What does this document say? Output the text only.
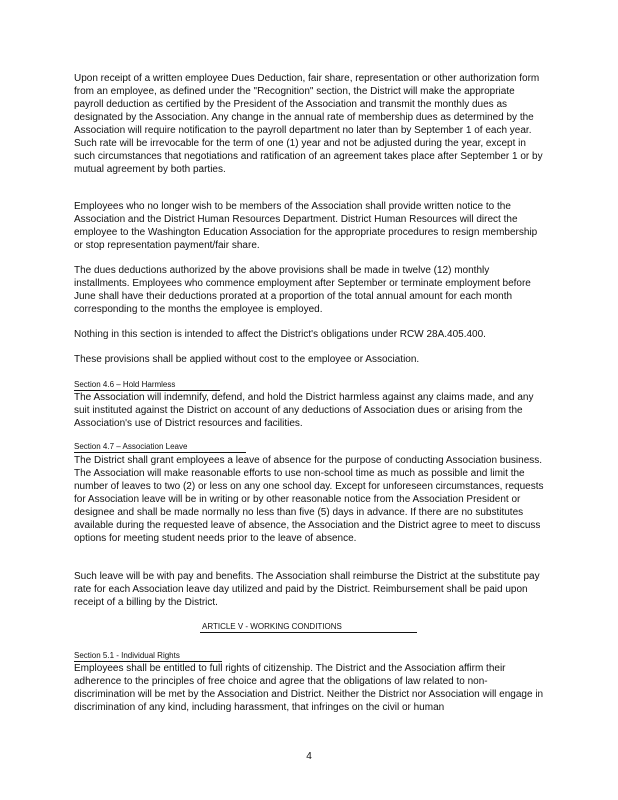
Upon receipt of a written employee Dues Deduction, fair share, representation or other authorization form from an employee, as defined under the "Recognition" section, the District will make the appropriate payroll deduction as certified by the President of the Association and transmit the monthly dues as designated by the Association. Any change in the annual rate of membership dues as determined by the Association will require notification to the payroll department no later than by September 1 of each year. Such rate will be irrevocable for the term of one (1) year and not be adjusted during the year, except in such circumstances that negotiations and ratification of an agreement takes place after September 1 or by mutual agreement by both parties.

Employees who no longer wish to be members of the Association shall provide written notice to the Association and the District Human Resources Department. District Human Resources will direct the employee to the Washington Education Association for the appropriate procedures to resign membership or stop representation payment/fair share.

The dues deductions authorized by the above provisions shall be made in twelve (12) monthly installments. Employees who commence employment after September or terminate employment before June shall have their deductions prorated at a proportion of the total annual amount for each month corresponding to the months the employee is employed.

Nothing in this section is intended to affect the District's obligations under RCW 28A.405.400.

These provisions shall be applied without cost to the employee or Association.

Section 4.6 – Hold Harmless

The Association will indemnify, defend, and hold the District harmless against any claims made, and any suit instituted against the District on account of any deductions of Association dues or arising from the Association's use of District resources and facilities.

Section 4.7 – Association Leave

The District shall grant employees a leave of absence for the purpose of conducting Association business. The Association will make reasonable efforts to use non-school time as much as possible and limit the number of leaves to two (2) or less on any one school day. Except for unforeseen circumstances, requests for Association leave will be in writing or by other reasonable notice from the Association President or designee and shall be made normally no less than five (5) days in advance. If there are no substitutes available during the requested leave of absence, the Association and the District agree to meet to discuss options for meeting student needs prior to the leave of absence.

Such leave will be with pay and benefits. The Association shall reimburse the District at the substitute pay rate for each Association leave day utilized and paid by the District. Reimbursement shall be paid upon receipt of a billing by the District.

ARTICLE V - WORKING CONDITIONS
Section 5.1 - Individual Rights

Employees shall be entitled to full rights of citizenship. The District and the Association affirm their adherence to the principles of free choice and agree that the obligations of law related to non-discrimination will be met by the Association and District. Neither the District nor Association will engage in discrimination of any kind, including harassment, that infringes on the civil or human

4
